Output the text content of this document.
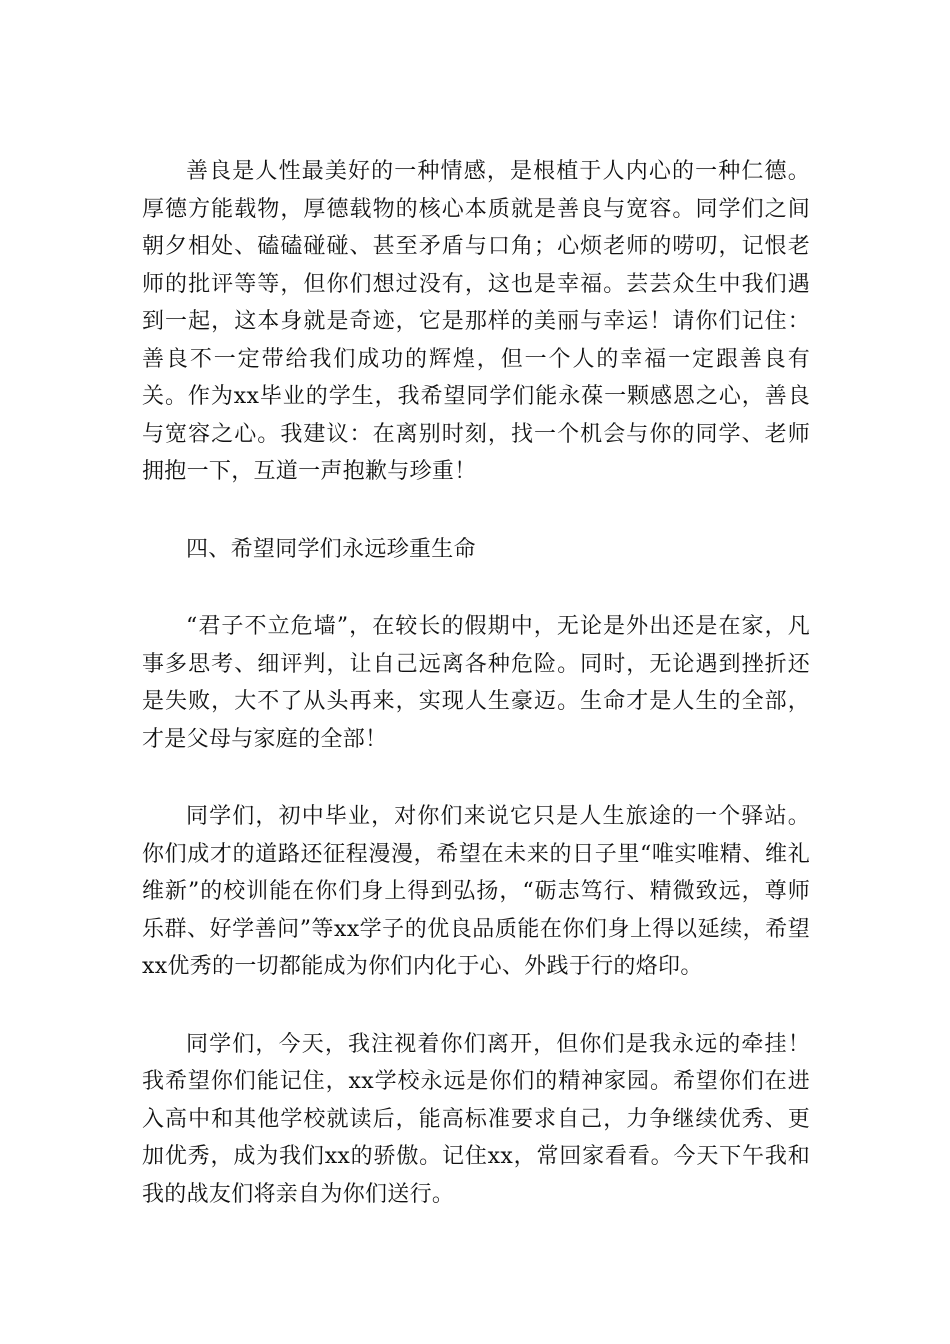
善良是人性最美好的一种情感，是根植于人内心的一种仁德。厚德方能载物，厚德载物的核心本质就是善良与宽容。同学们之间朝夕相处、磕磕碰碰、甚至矛盾与口角；心烦老师的唠叨，记恨老师的批评等等，但你们想过没有，这也是幸福。芸芸众生中我们遇到一起，这本身就是奇迹，它是那样的美丽与幸运！请你们记住：善良不一定带给我们成功的辉煌，但一个人的幸福一定跟善良有关。作为xx毕业的学生，我希望同学们能永葆一颗感恩之心，善良与宽容之心。我建议：在离别时刻，找一个机会与你的同学、老师拥抱一下，互道一声抱歉与珍重！

四、希望同学们永远珍重生命

“君子不立危墙”，在较长的假期中，无论是外出还是在家，凡事多思考、细评判，让自己远离各种危险。同时，无论遇到挫折还是失败，大不了从头再来，实现人生豪迈。生命才是人生的全部，才是父母与家庭的全部！

同学们，初中毕业，对你们来说它只是人生旅途的一个驿站。你们成才的道路还征程漫漫，希望在未来的日子里“唯实唯精、维礼维新”的校训能在你们身上得到弘扬，“砺志笃行、精微致远，尊师乐群、好学善问”等xx学子的优良品质能在你们身上得以延续，希望xx优秀的一切都能成为你们内化于心、外践于行的烙印。

同学们，今天，我注视着你们离开，但你们是我永远的牵挂！我希望你们能记住，xx学校永远是你们的精神家园。希望你们在进入高中和其他学校就读后，能高标准要求自己，力争继续优秀、更加优秀，成为我们xx的骄傲。记住xx，常回家看看。今天下午我和我的战友们将亲自为你们送行。
